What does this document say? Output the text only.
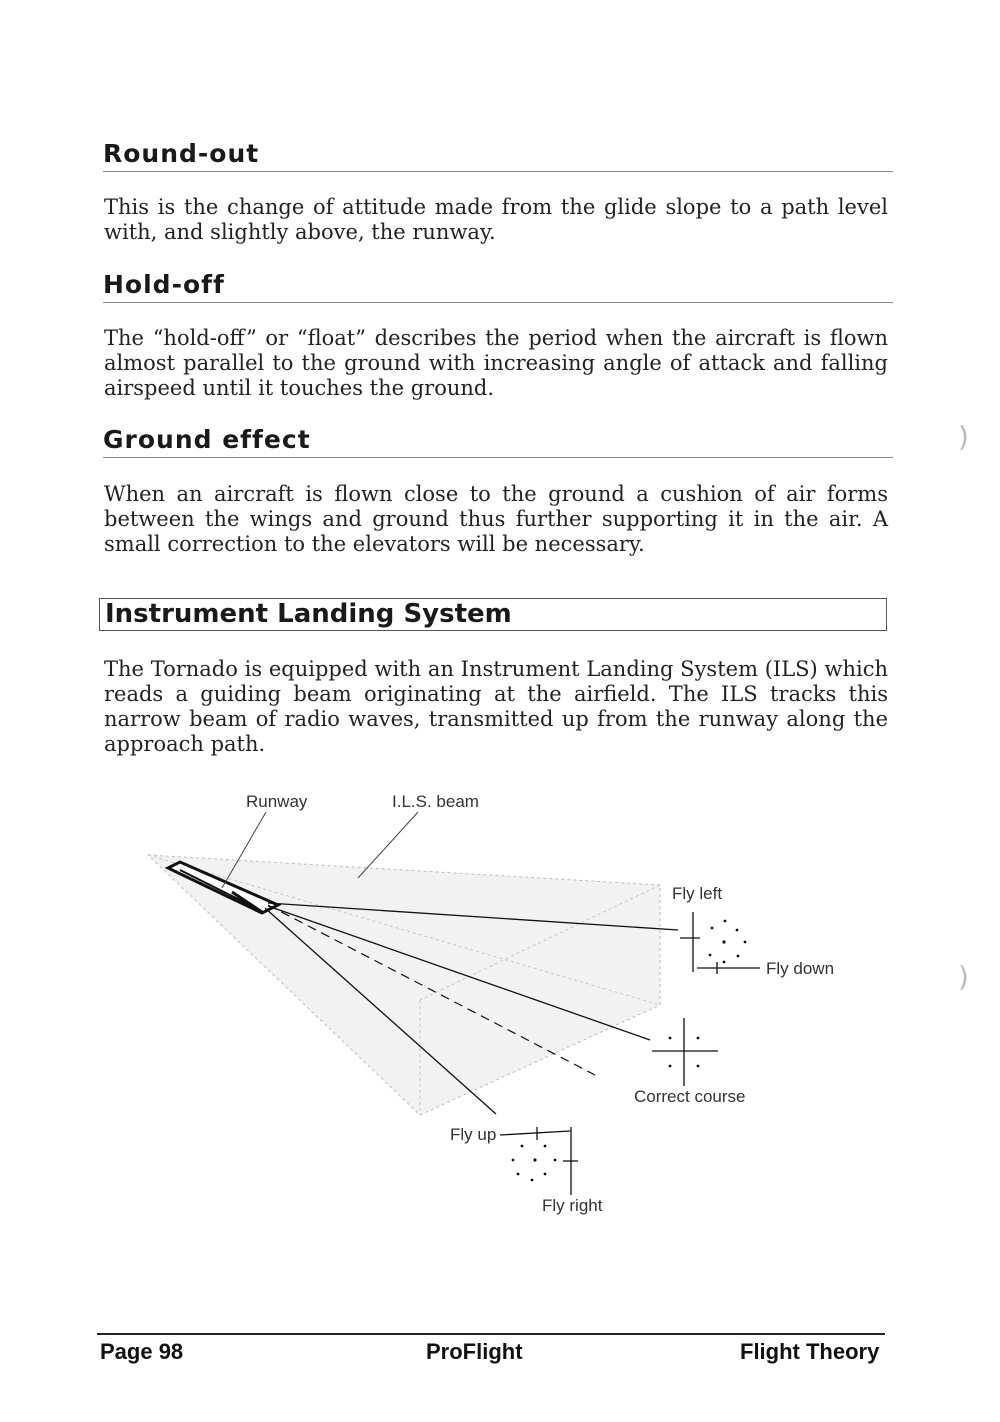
Round-out

This is the change of attitude made from the glide slope to a path level with, and slightly above, the runway.

Hold-off

The “hold-off” or “float” describes the period when the aircraft is flown almost parallel to the ground with increasing angle of attack and falling airspeed until it touches the ground.

Ground effect

When an aircraft is flown close to the ground a cushion of air forms between the wings and ground thus further supporting it in the air. A small correction to the elevators will be necessary.

Instrument Landing System

The Tornado is equipped with an Instrument Landing System (ILS) which reads a guiding beam originating at the airfield. The ILS tracks this narrow beam of radio waves, transmitted up from the runway along the approach path.

)
)
Runway	I.L.S. beam
Fly left
Fly down
Correct course
Fly up
Fly right
Page 98	ProFlight	Flight Theory
